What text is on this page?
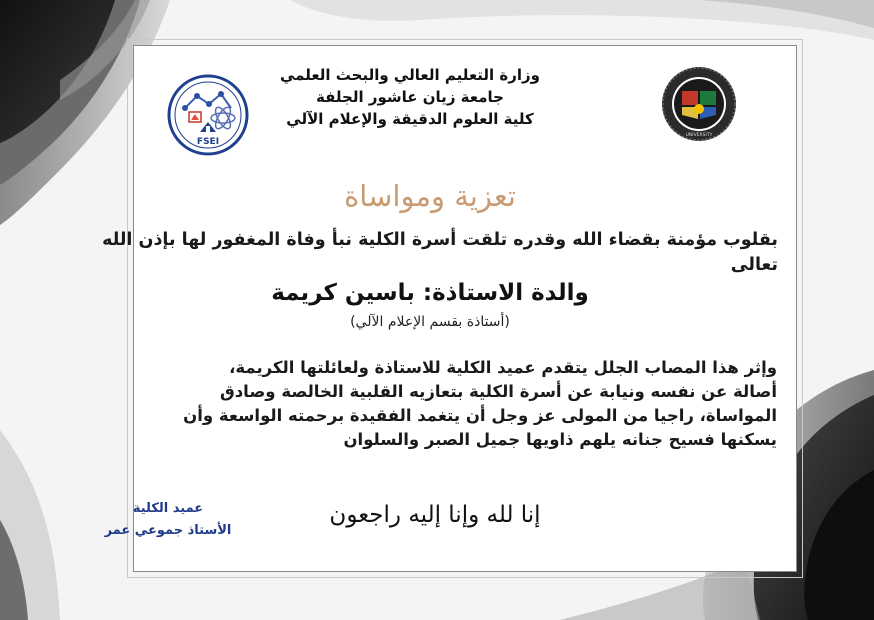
FSEI
UNIVERSITY
وزارة التعليم العالي والبحث العلمي
جامعة زيان عاشور الجلفة
كلية العلوم الدقيقة والإعلام الآلي
تعزية ومواساة
بقلوب مؤمنة بقضاء الله وقدره تلقت أسرة الكلية نبأ وفاة المغفور لها بإذن الله تعالى
والدة الاستاذة: باسين كريمة
(أستاذة بقسم الإعلام الآلي)
وإثر هذا المصاب الجلل يتقدم عميد الكلية للاستاذة ولعائلتها الكريمة،
أصالة عن نفسه ونيابة عن أسرة الكلية بتعازيه القلبية الخالصة وصادق
المواساة، راجيا من المولى عز وجل أن يتغمد الفقيدة برحمته الواسعة وأن
يسكنها فسيح جنانه يلهم ذاويها جميل الصبر والسلوان
إنا لله وإنا إليه راجعون
عميد الكلية
الأستاذ جموعي عمر
